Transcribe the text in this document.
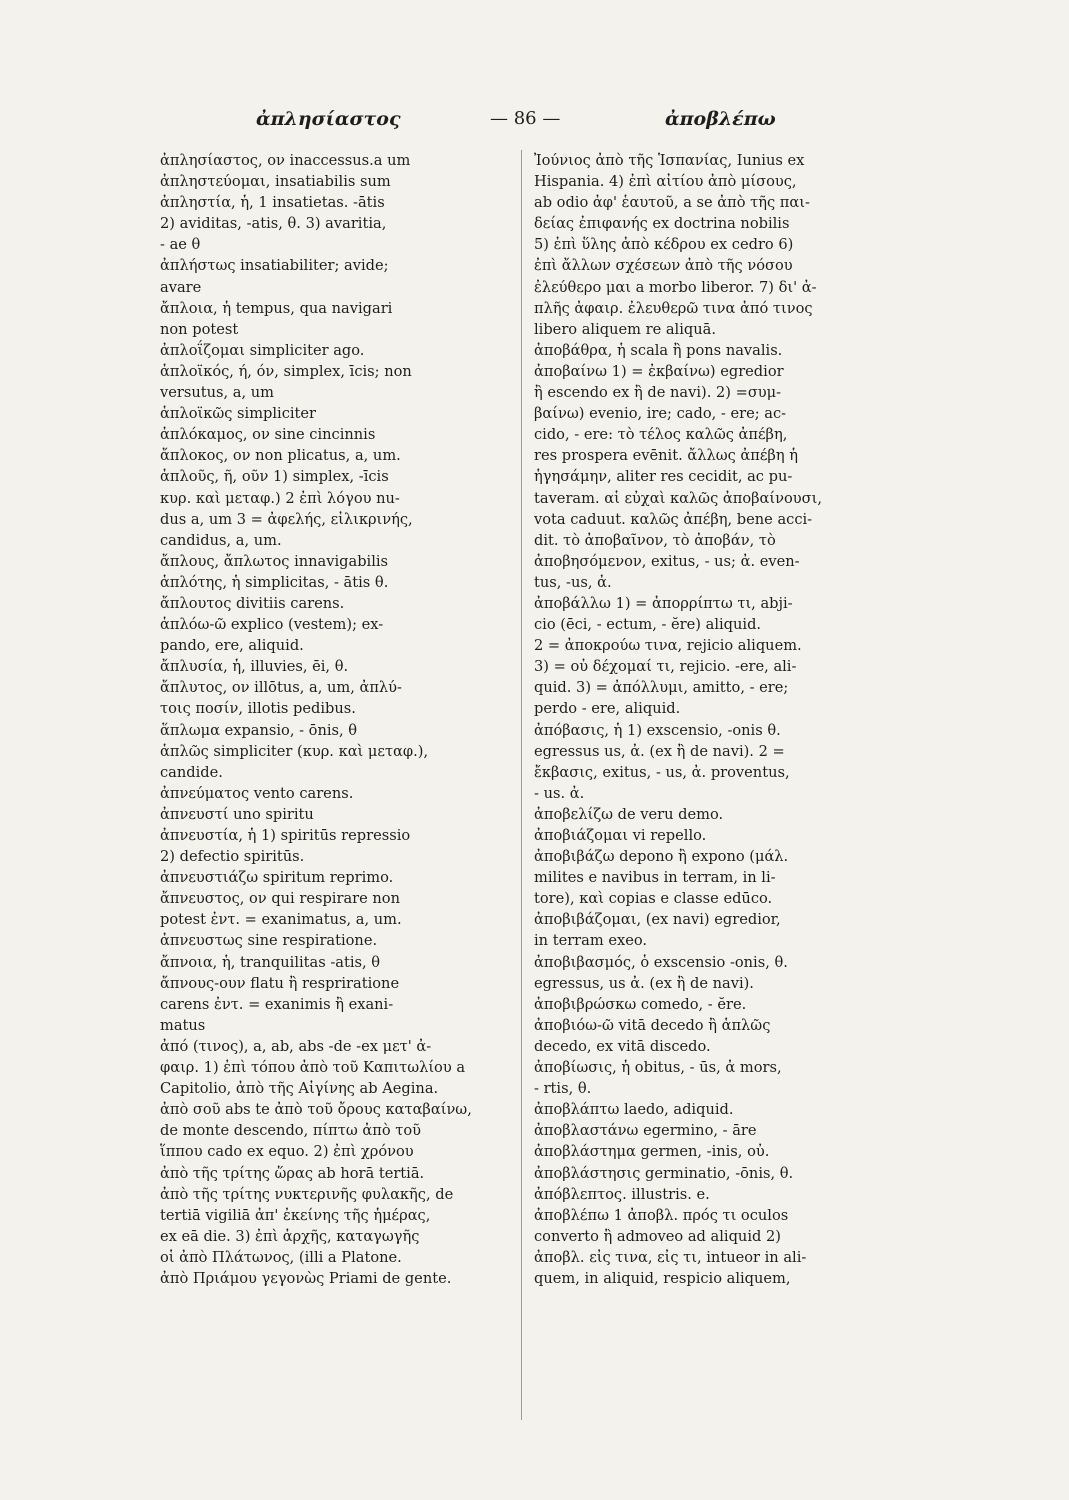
ἀπλησίαστος	— 86 —	ἀποβλέπω
ἀπλησίαστος, ον inaccessus.a um
ἀπληστεύομαι, insatiabilis sum
ἀπληστία, ἡ, 1 insatietas. -ātis
2) aviditas, -atis, θ. 3) avaritia,
- ae θ
ἀπλήστως insatiabiliter; avide;
avare
ἄπλοια, ἡ tempus, qua navigari
non potest
ἀπλοΐζομαι simpliciter ago.
ἁπλοϊκός, ή, όν, simplex, īcis; non
versutus, a, um
ἁπλοϊκῶς simpliciter
ἁπλόκαμος, ον sine cincinnis
ἄπλοκος, ον non plicatus, a, um.
ἁπλοῦς, ῆ, οῦν 1) simplex, -īcis
κυρ. καὶ μεταφ.) 2 ἐπὶ λόγου nu-
dus a, um 3 = ἀφελής, εἰλικρινής,
candidus, a, um.
ἄπλους, ἄπλωτος innavigabilis
ἁπλότης, ἡ simplicitas, - ātis θ.
ἄπλουτος divitiis carens.
ἁπλόω-ῶ explico (vestem); ex-
pando, ere, aliquid.
ἄπλυσία, ἡ, illuvies, ēi, θ.
ἄπλυτος, ον illōtus, a, um, ἀπλύ-
τοις ποσίν, illotis pedibus.
ἅπλωμα expansio, - ōnis, θ
ἁπλῶς simpliciter (κυρ. καὶ μεταφ.),
candide.
ἀπνεύματος vento carens.
ἀπνευστί uno spiritu
ἀπνευστία, ἡ 1) spiritūs repressio
2) defectio spiritūs.
ἀπνευστιάζω spiritum reprimo.
ἄπνευστος, ον qui respirare non
potest ἐντ. = exanimatus, a, um.
ἀπνευστως sine respiratione.
ἄπνοια, ἡ, tranquilitas -atis, θ
ἄπνους-ουν flatu ἢ respriratione
carens ἐντ. = exanimis ἢ exani-
matus
ἀπό (τινος), a, ab, abs -de -ex μετ' ἀ-
φαιρ. 1) ἐπὶ τόπου ἀπὸ τοῦ Καπιτωλίου a
Capitolio, ἀπὸ τῆς Αἰγίνης ab Aegina.
ἀπὸ σοῦ abs te ἀπὸ τοῦ ὄρους καταβαίνω,
de monte descendo, πίπτω ἀπὸ τοῦ
ἵππου cado ex equo. 2) ἐπὶ χρόνου
ἀπὸ τῆς τρίτης ὥρας ab horā tertiā.
ἀπὸ τῆς τρίτης νυκτερινῆς φυλακῆς, de
tertiā vigiliā ἀπ' ἐκείνης τῆς ἡμέρας,
ex eā die. 3) ἐπὶ ἀρχῆς, καταγωγῆς
οἱ ἀπὸ Πλάτωνος, (illi a Platone.
ἀπὸ Πριάμου γεγονὼς Priami de gente.
Ἰούνιος ἀπὸ τῆς Ἱσπανίας, Iunius ex
Hispania. 4) ἐπὶ αἰτίου ἀπὸ μίσους,
ab odio ἀφ' ἑαυτοῦ, a se ἀπὸ τῆς παι-
δείας ἐπιφανής ex doctrina nobilis
5) ἐπὶ ὕλης ἀπὸ κέδρου ex cedro 6)
ἐπὶ ἄλλων σχέσεων ἀπὸ τῆς νόσου
ἐλεύθερο μαι a morbo liberor. 7) δι' ἀ-
πλῆς ἀφαιρ. ἐλευθερῶ τινα ἀπό τινος
libero aliquem re aliquā.
ἀποβάθρα, ἡ scala ἢ pons navalis.
ἀποβαίνω 1) = ἐκβαίνω) egredior
ἢ escendo ex ἢ de navi). 2) =συμ-
βαίνω) evenio, ire; cado, - ere; ac-
cido, - ere: τὸ τέλος καλῶς ἀπέβη,
res prospera evēnit. ἄλλως ἀπέβη ἡ
ἡγησάμην, aliter res cecidit, ac pu-
taveram. αἱ εὐχαὶ καλῶς ἀποβαίνουσι,
vota caduut. καλῶς ἀπέβη, bene acci-
dit. τὸ ἀποβαῖνον, τὸ ἀποβάν, τὸ
ἀποβησόμενον, exitus, - us; ἀ. even-
tus, -us, ἀ.
ἀποβάλλω 1) = ἀπορρίπτω τι, abji-
cio (ēci, - ectum, - ĕre) aliquid.
2 = ἀποκρούω τινα, rejicio aliquem.
3) = οὐ δέχομαί τι, rejicio. -ere, ali-
quid. 3) = ἀπόλλυμι, amitto, - ere;
perdo - ere, aliquid.
ἀπόβασις, ἡ 1) exscensio, -onis θ.
egressus us, ἀ. (ex ἢ de navi). 2 =
ἔκβασις, exitus, - us, ἀ. proventus,
- us. ἀ.
ἀποβελίζω de veru demo.
ἀποβιάζομαι vi repello.
ἀποβιβάζω depono ἢ expono (μάλ.
milites e navibus in terram, in li-
tore), καὶ copias e classe edūco.
ἀποβιβάζομαι, (ex navi) egredior,
in terram exeo.
ἀποβιβασμός, ὁ exscensio -onis, θ.
egressus, us ἀ. (ex ἢ de navi).
ἀποβιβρώσκω comedo, - ĕre.
ἀποβιόω-ῶ vitā decedo ἢ ἁπλῶς
decedo, ex vitā discedo.
ἀποβίωσις, ἡ obitus, - ūs, ἀ mors,
- rtis, θ.
ἀποβλάπτω laedo, adiquid.
ἀποβλαστάνω egermino, - āre
ἀποβλάστημα germen, -inis, οὐ.
ἀποβλάστησις germinatio, -ōnis, θ.
ἀπόβλεπτος. illustris. e.
ἀποβλέπω 1 ἀποβλ. πρός τι oculos
converto ἢ admoveo ad aliquid 2)
ἀποβλ. εἰς τινα, εἰς τι, intueor in ali-
quem, in aliquid, respicio aliquem,
